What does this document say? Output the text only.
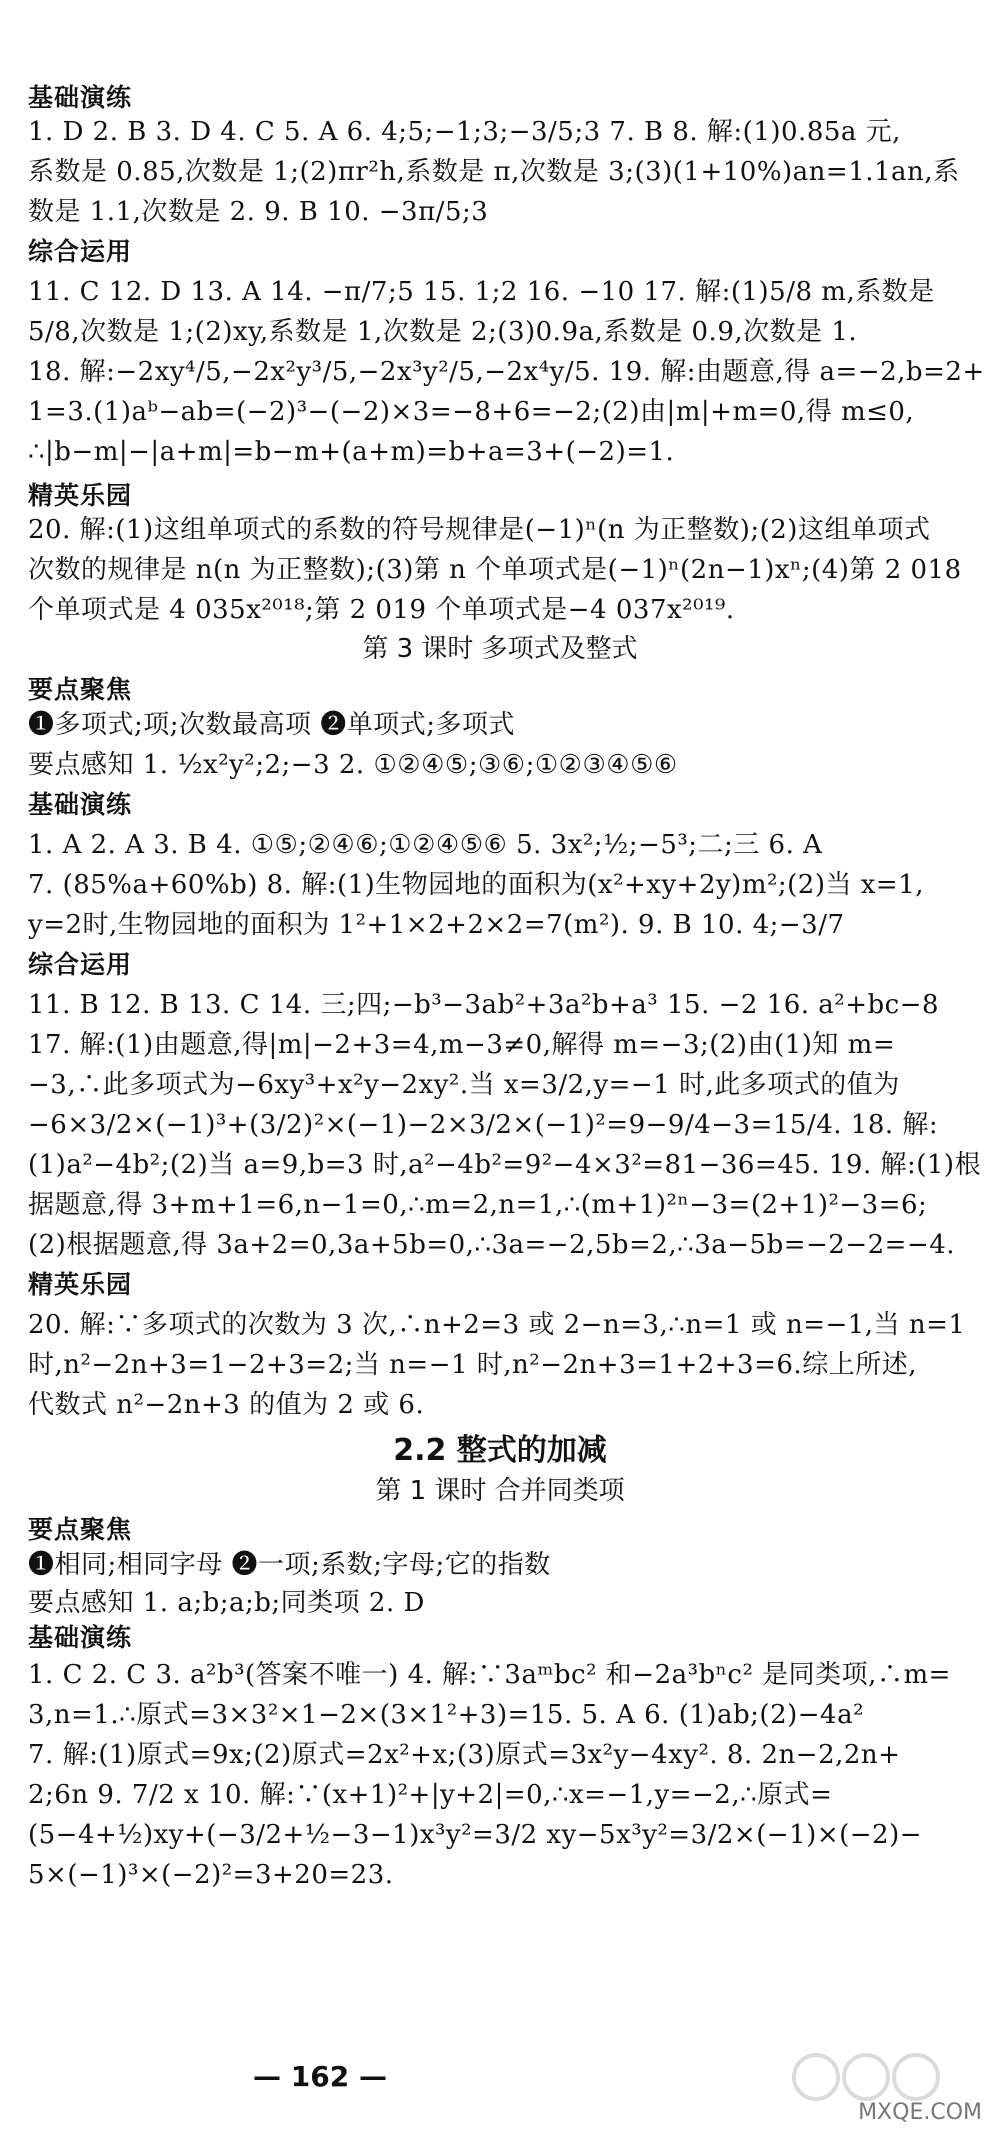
基础演练
1. D 2. B 3. D 4. C 5. A 6. 4;5;−1;3;−3/5;3 7. B 8. 解:(1)0.85a 元,
系数是 0.85,次数是 1;(2)πr²h,系数是 π,次数是 3;(3)(1+10%)an=1.1an,系
数是 1.1,次数是 2. 9. B 10. −3π/5;3
综合运用
11. C 12. D 13. A 14. −π/7;5 15. 1;2 16. −10 17. 解:(1)5/8 m,系数是
5/8,次数是 1;(2)xy,系数是 1,次数是 2;(3)0.9a,系数是 0.9,次数是 1.
18. 解:−2xy⁴/5,−2x²y³/5,−2x³y²/5,−2x⁴y/5. 19. 解:由题意,得 a=−2,b=2+
1=3.(1)aᵇ−ab=(−2)³−(−2)×3=−8+6=−2;(2)由|m|+m=0,得 m≤0,
∴|b−m|−|a+m|=b−m+(a+m)=b+a=3+(−2)=1.
精英乐园
20. 解:(1)这组单项式的系数的符号规律是(−1)ⁿ(n 为正整数);(2)这组单项式
次数的规律是 n(n 为正整数);(3)第 n 个单项式是(−1)ⁿ(2n−1)xⁿ;(4)第 2 018
个单项式是 4 035x²⁰¹⁸;第 2 019 个单项式是−4 037x²⁰¹⁹.
第 3 课时 多项式及整式
要点聚焦
❶多项式;项;次数最高项 ❷单项式;多项式
要点感知 1. ½x²y²;2;−3 2. ①②④⑤;③⑥;①②③④⑤⑥
基础演练
1. A 2. A 3. B 4. ①⑤;②④⑥;①②④⑤⑥ 5. 3x²;½;−5³;二;三 6. A
7. (85%a+60%b) 8. 解:(1)生物园地的面积为(x²+xy+2y)m²;(2)当 x=1,
y=2时,生物园地的面积为 1²+1×2+2×2=7(m²). 9. B 10. 4;−3/7
综合运用
11. B 12. B 13. C 14. 三;四;−b³−3ab²+3a²b+a³ 15. −2 16. a²+bc−8
17. 解:(1)由题意,得|m|−2+3=4,m−3≠0,解得 m=−3;(2)由(1)知 m=
−3,∴此多项式为−6xy³+x²y−2xy².当 x=3/2,y=−1 时,此多项式的值为
−6×3/2×(−1)³+(3/2)²×(−1)−2×3/2×(−1)²=9−9/4−3=15/4. 18. 解:
(1)a²−4b²;(2)当 a=9,b=3 时,a²−4b²=9²−4×3²=81−36=45. 19. 解:(1)根
据题意,得 3+m+1=6,n−1=0,∴m=2,n=1,∴(m+1)²ⁿ−3=(2+1)²−3=6;
(2)根据题意,得 3a+2=0,3a+5b=0,∴3a=−2,5b=2,∴3a−5b=−2−2=−4.
精英乐园
20. 解:∵多项式的次数为 3 次,∴n+2=3 或 2−n=3,∴n=1 或 n=−1,当 n=1
时,n²−2n+3=1−2+3=2;当 n=−1 时,n²−2n+3=1+2+3=6.综上所述,
代数式 n²−2n+3 的值为 2 或 6.
2.2 整式的加减
第 1 课时 合并同类项
要点聚焦
❶相同;相同字母 ❷一项;系数;字母;它的指数
要点感知 1. a;b;a;b;同类项 2. D
基础演练
1. C 2. C 3. a²b³(答案不唯一) 4. 解:∵3aᵐbc² 和−2a³bⁿc² 是同类项,∴m=
3,n=1.∴原式=3×3²×1−2×(3×1²+3)=15. 5. A 6. (1)ab;(2)−4a²
7. 解:(1)原式=9x;(2)原式=2x²+x;(3)原式=3x²y−4xy². 8. 2n−2,2n+
2;6n 9. 7/2 x 10. 解:∵(x+1)²+|y+2|=0,∴x=−1,y=−2,∴原式=
(5−4+½)xy+(−3/2+½−3−1)x³y²=3/2 xy−5x³y²=3/2×(−1)×(−2)−
5×(−1)³×(−2)²=3+20=23.
— 162 —
MXQE.COM
